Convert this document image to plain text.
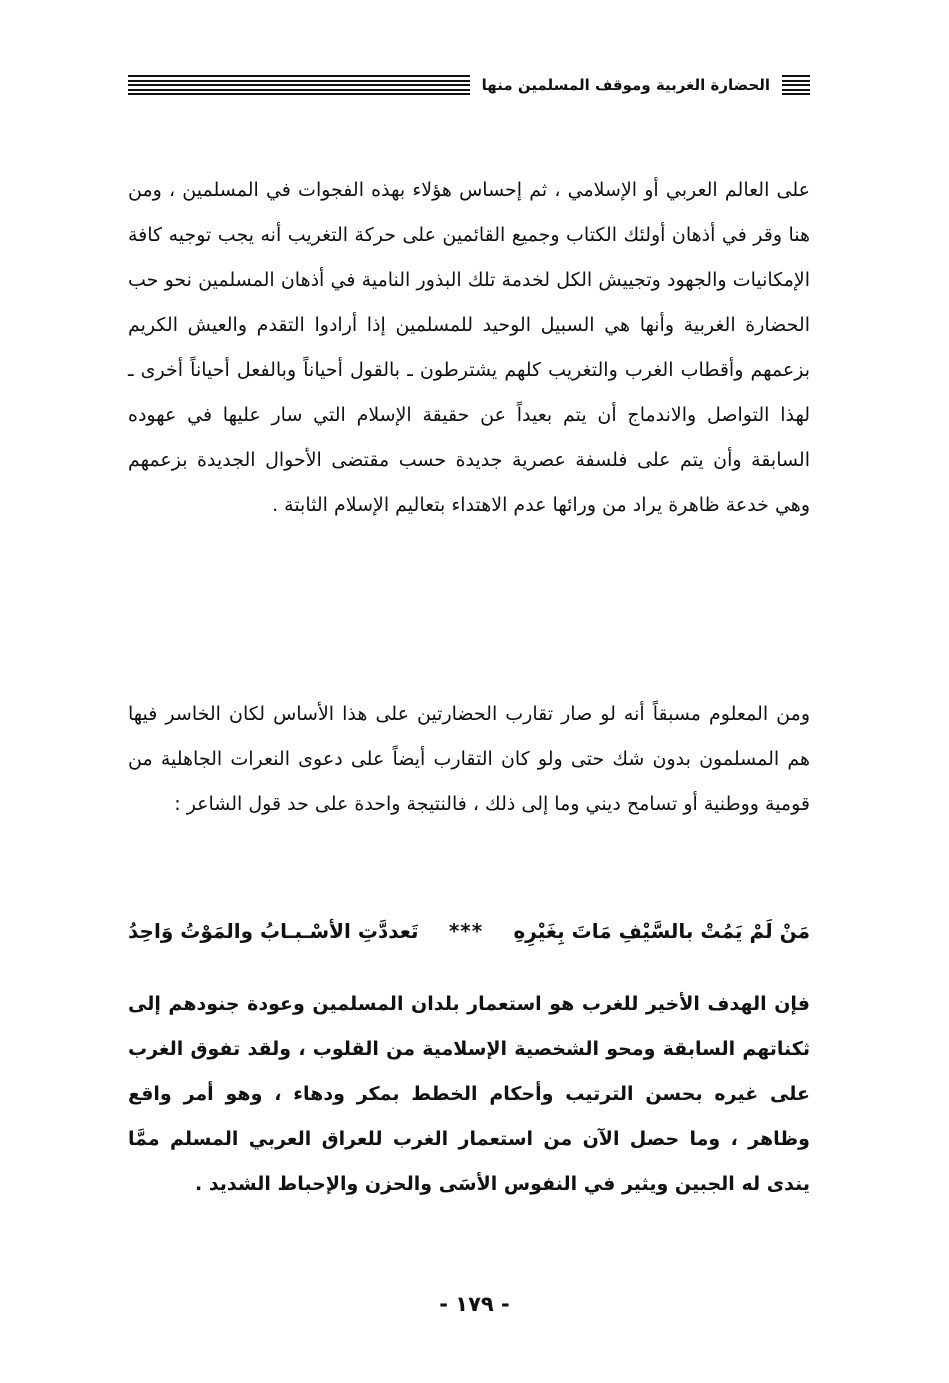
الحضارة الغربية وموقف المسلمين منها

على العالم العربي أو الإسلامي ، ثم إحساس هؤلاء بهذه الفجوات في المسلمين ، ومن هنا وقر في أذهان أولئك الكتاب وجميع القائمين على حركة التغريب أنه يجب توجيه كافة الإمكانيات والجهود وتجييش الكل لخدمة تلك البذور النامية في أذهان المسلمين نحو حب الحضارة الغربية وأنها هي السبيل الوحيد للمسلمين إذا أرادوا التقدم والعيش الكريم بزعمهم وأقطاب الغرب والتغريب كلهم يشترطون ـ بالقول أحياناً وبالفعل أحياناً أخرى ـ لهذا التواصل والاندماج أن يتم بعيداً عن حقيقة الإسلام التي سار عليها في عهوده السابقة وأن يتم على فلسفة عصرية جديدة حسب مقتضى الأحوال الجديدة بزعمهم وهي خدعة ظاهرة يراد من ورائها عدم الاهتداء بتعاليم الإسلام الثابتة .

ومن المعلوم مسبقاً أنه لو صار تقارب الحضارتين على هذا الأساس لكان الخاسر فيها هم المسلمون بدون شك حتى ولو كان التقارب أيضاً على دعوى النعرات الجاهلية من قومية ووطنية أو تسامح ديني وما إلى ذلك ، فالنتيجة واحدة على حد قول الشاعر :

مَنْ لَمْ يَمُتْ بالسَّيْفِ مَاتَ بِغَيْرِهِ
***
تَعددَّتِ الأسْـبـابُ والمَوْتُ وَاحِدُ

فإن الهدف الأخير للغرب هو استعمار بلدان المسلمين وعودة جنودهم إلى ثكناتهم السابقة ومحو الشخصية الإسلامية من القلوب ، ولقد تفوق الغرب على غيره بحسن الترتيب وأحكام الخطط بمكر ودهاء ، وهو أمر واقع وظاهر ، وما حصل الآن من استعمار الغرب للعراق العربي المسلم ممَّا يندى له الجبين ويثير في النفوس الأسَى والحزن والإحباط الشديد .

- ١٧٩ -
